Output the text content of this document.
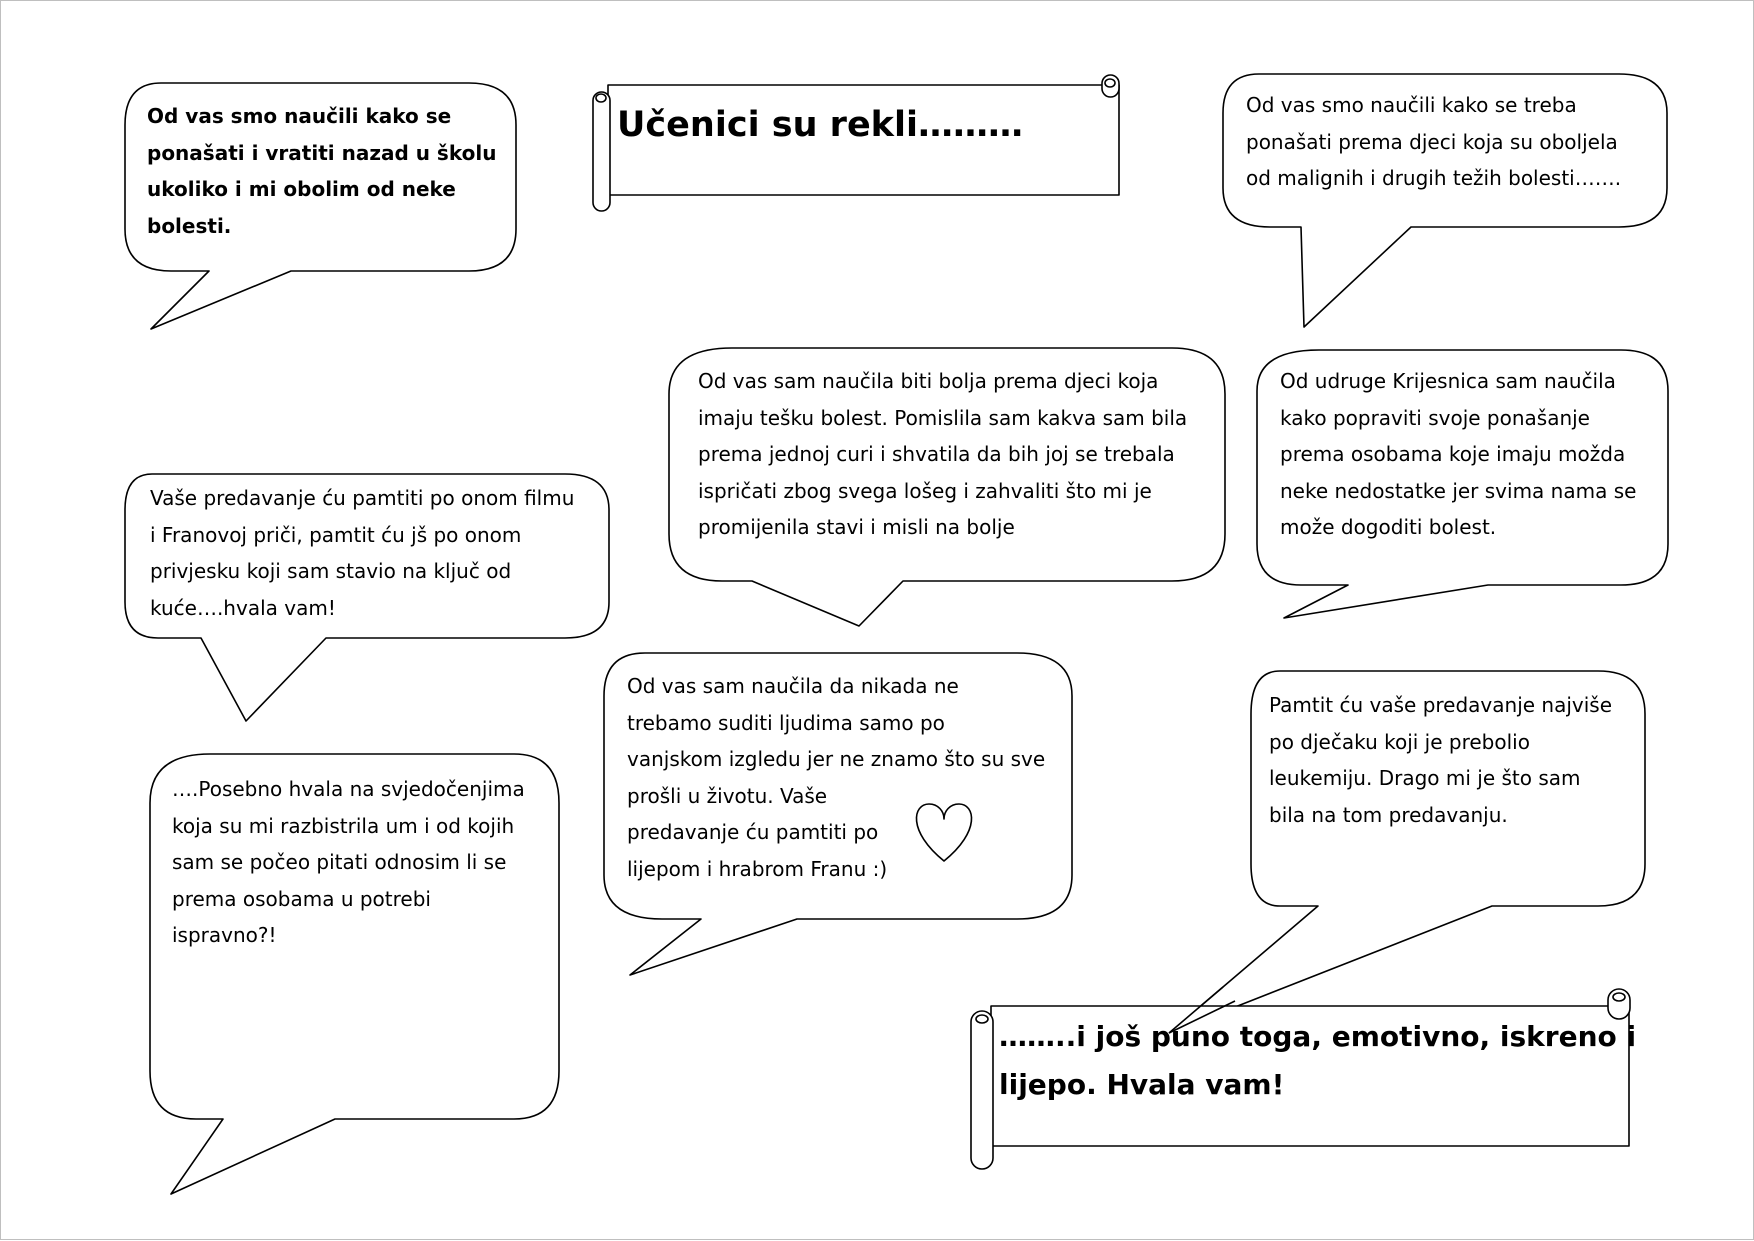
Učenici su rekli………
Od vas smo naučili kako se
ponašati i vratiti nazad u školu
ukoliko i mi obolim od neke
bolesti.
Od vas smo naučili kako se treba
ponašati prema djeci koja su oboljela
od malignih i drugih težih bolesti…….
Od vas sam naučila biti bolja prema djeci koja
imaju tešku bolest. Pomislila sam kakva sam bila
prema jednoj curi i shvatila da bih joj se trebala
ispričati zbog svega lošeg i zahvaliti što mi je
promijenila stavi i misli na bolje
Od udruge Krijesnica sam naučila
kako popraviti svoje ponašanje
prema osobama koje imaju možda
neke nedostatke jer svima nama se
može dogoditi bolest.
Vaše predavanje ću pamtiti po onom filmu
i Franovoj priči, pamtit ću jš po onom
privjesku koji sam stavio na ključ od
kuće….hvala vam!
Od vas sam naučila da nikada ne
trebamo suditi ljudima samo po
vanjskom izgledu jer ne znamo što su sve
prošli u životu. Vaše
predavanje ću pamtiti po
lijepom i hrabrom Franu :)
Pamtit ću vaše predavanje najviše
po dječaku koji je prebolio
leukemiju. Drago mi je što sam
bila na tom predavanju.
….Posebno hvala na svjedočenjima
koja su mi razbistrila um i od kojih
sam se počeo pitati odnosim li se
prema osobama u potrebi
ispravno?!
……..i još puno toga, emotivno, iskreno i
lijepo. Hvala vam!
